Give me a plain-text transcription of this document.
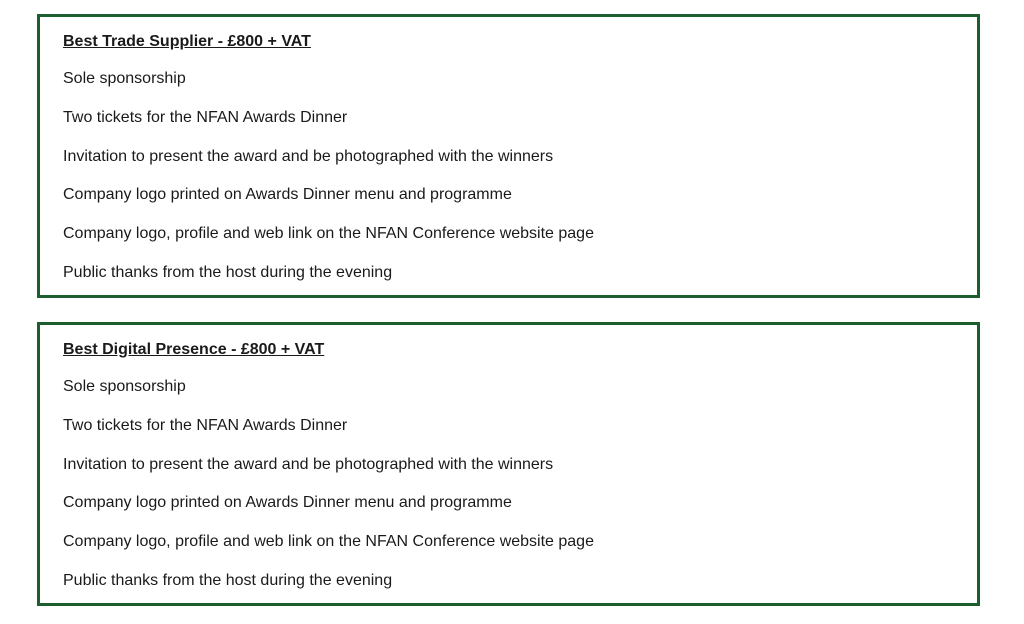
Best Trade Supplier - £800 + VAT
Sole sponsorship
Two tickets for the NFAN Awards Dinner
Invitation to present the award and be photographed with the winners
Company logo printed on Awards Dinner menu and programme
Company logo, profile and web link on the NFAN Conference website page
Public thanks from the host during the evening
Best Digital Presence - £800 + VAT
Sole sponsorship
Two tickets for the NFAN Awards Dinner
Invitation to present the award and be photographed with the winners
Company logo printed on Awards Dinner menu and programme
Company logo, profile and web link on the NFAN Conference website page
Public thanks from the host during the evening
